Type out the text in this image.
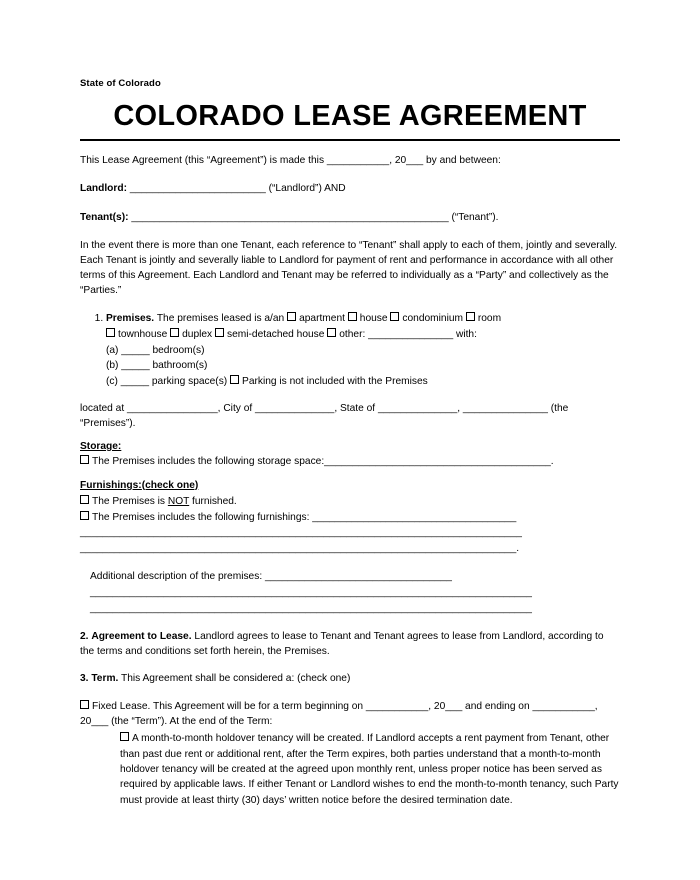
State of Colorado
COLORADO LEASE AGREEMENT

This Lease Agreement (this “Agreement”) is made this ___________, 20___ by and between:

Landlord: ________________________ (“Landlord”) AND

Tenant(s): ________________________________________________________ (“Tenant”).

In the event there is more than one Tenant, each reference to “Tenant” shall apply to each of them, jointly and severally. Each Tenant is jointly and severally liable to Landlord for payment of rent and performance in accordance with all other terms of this Agreement. Each Landlord and Tenant may be referred to individually as a “Party” and collectively as the “Parties.”

1. Premises. The premises leased is a/an apartment house condominium room
townhouse duplex semi-detached house other: _______________ with:
(a) _____ bedroom(s)
(b) _____ bathroom(s)
(c) _____ parking space(s) Parking is not included with the Premises

located at ________________, City of ______________, State of ______________, _______________ (the “Premises”).

Storage:

The Premises includes the following storage space:________________________________________.

Furnishings:(check one)
The Premises is NOT furnished.
The Premises includes the following furnishings: ____________________________________
______________________________________________________________________________
_____________________________________________________________________________.
Additional description of the premises: _________________________________
______________________________________________________________________________
______________________________________________________________________________

2. Agreement to Lease. Landlord agrees to lease to Tenant and Tenant agrees to lease from Landlord, according to the terms and conditions set forth herein, the Premises.

3. Term. This Agreement shall be considered a: (check one)

Fixed Lease. This Agreement will be for a term beginning on ___________, 20___ and ending on ___________, 20___ (the “Term”). At the end of the Term:
A month-to-month holdover tenancy will be created. If Landlord accepts a rent payment from Tenant, other than past due rent or additional rent, after the Term expires, both parties understand that a month-to-month holdover tenancy will be created at the agreed upon monthly rent, unless proper notice has been served as required by applicable laws. If either Tenant or Landlord wishes to end the month-to-month tenancy, such Party must provide at least thirty (30) days’ written notice before the desired termination date.
